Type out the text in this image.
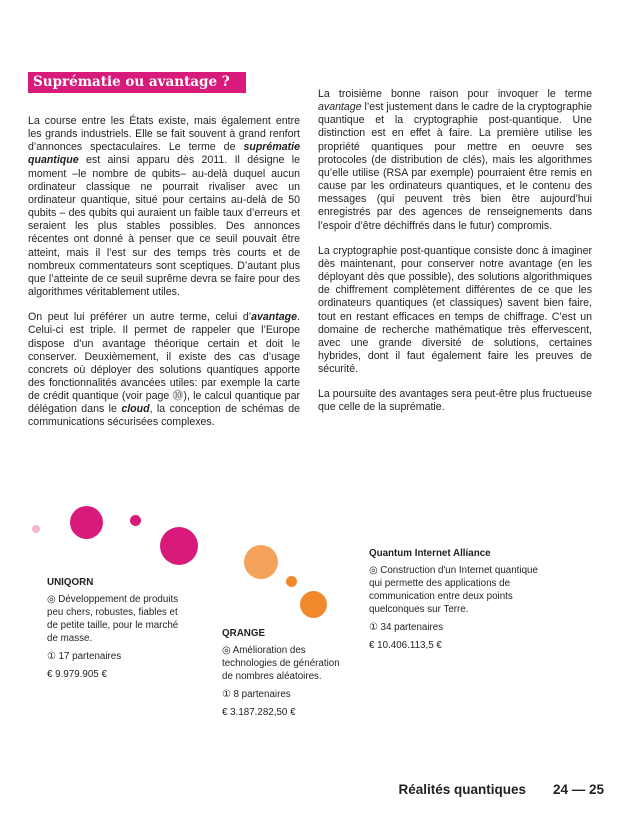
Suprématie ou avantage ?

La course entre les États existe, mais également entre les grands industriels. Elle se fait souvent à grand renfort d’annonces spectaculaires. Le terme de suprématie quantique est ainsi apparu dès 2011. Il désigne le moment –le nombre de qubits– au-delà duquel aucun ordinateur classique ne pourrait rivaliser avec un ordinateur quantique, situé pour certains au-delà de 50 qubits – des qubits qui auraient un faible taux d’erreurs et seraient les plus stables possibles. Des annonces récentes ont donné à penser que ce seuil pouvait être atteint, mais il l’est sur des temps très courts et de nombreux commentateurs sont sceptiques. D’autant plus que l’atteinte de ce seuil suprême devra se faire pour des algorithmes véritablement utiles.

On peut lui préférer un autre terme, celui d’avantage. Celui-ci est triple. Il permet de rappeler que l’Europe dispose d’un avantage théorique certain et doit le conserver. Deuxièmement, il existe des cas d’usage concrets où déployer des solutions quantiques apporte des fonctionnalités avancées utiles: par exemple la carte de crédit quantique (voir page ⓾), le calcul quantique par délégation dans le cloud, la conception de schémas de communications sécurisées complexes.

La troisième bonne raison pour invoquer le terme avantage l’est justement dans le cadre de la cryptographie quantique et la cryptographie post-quantique. Une distinction est en effet à faire. La première utilise les propriété quantiques pour mettre en oeuvre ses protocoles (de distribution de clés), mais les algorithmes qu’elle utilise (RSA par exemple) pourraient être remis en cause par les ordinateurs quantiques, et le contenu des messages (qui peuvent très bien être aujourd’hui enregistrés par des agences de renseignements dans l’espoir d’être déchiffrés dans le futur) compromis.

La cryptographie post-quantique consiste donc à imaginer dès maintenant, pour conserver notre avantage (en les déployant dès que possible), des solutions algorithmiques de chiffrement complètement différentes de ce que les ordinateurs quantiques (et classiques) savent bien faire, tout en restant efficaces en temps de chiffrage. C’est un domaine de recherche mathématique très effervescent, avec une grande diversité de solutions, certaines hybrides, dont il faut également faire les preuves de sécurité.

La poursuite des avantages sera peut-être plus fructueuse que celle de la suprématie.

UNIQORN
◎ Développement de produits peu chers, robustes, fiables et de petite taille, pour le marché de masse.
① 17 partenaires
€ 9.979.905 €
QRANGE
◎ Amélioration des technologies de génération de nombres aléatoires.
① 8 partenaires
€ 3.187.282,50 €
Quantum Internet Alliance
◎ Construction d'un Internet quantique qui permette des applications de communication entre deux points quelconques sur Terre.
① 34 partenaires
€ 10.406.113,5 €
Réalités quantiques 24 — 25
